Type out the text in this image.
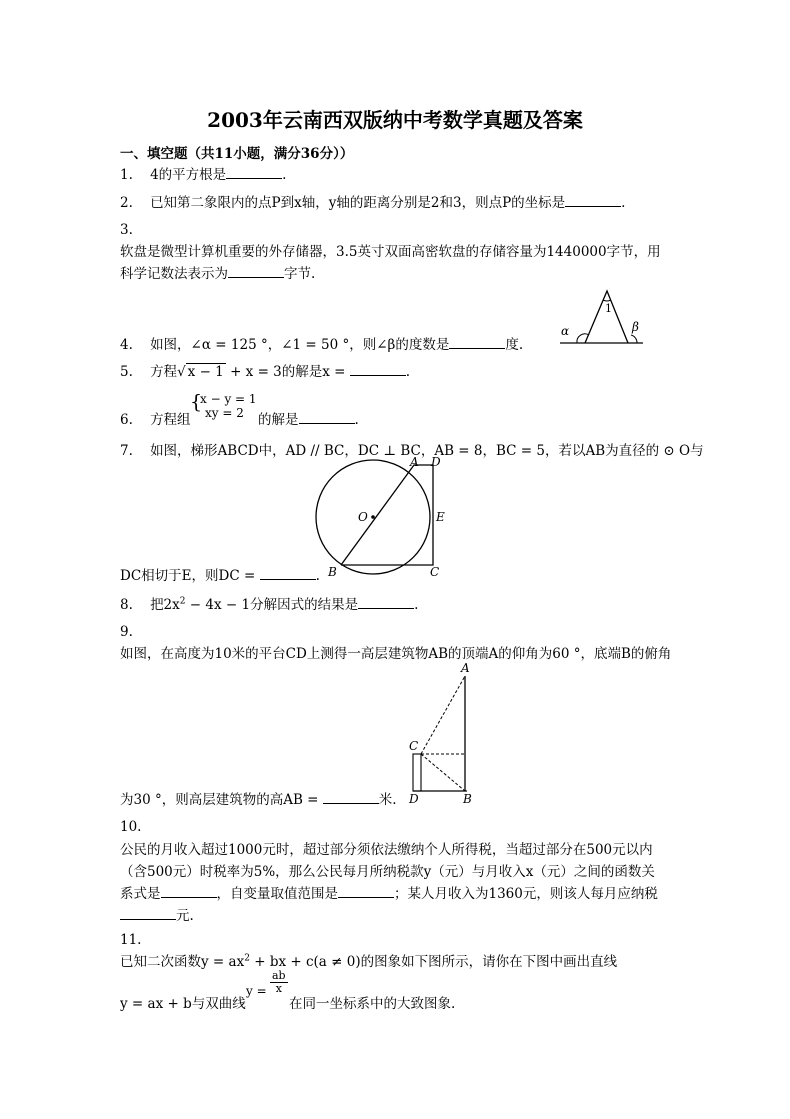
2003年云南西双版纳中考数学真题及答案
一、填空题（共11小题，满分36分））
1. 4的平方根是	.
2. 已知第二象限内的点P到x轴，y轴的距离分别是2和3，则点P的坐标是	.
3.
软盘是微型计算机重要的外存储器，3.5英寸双面高密软盘的存储容量为1440000字节，用
科学记数法表示为	字节.
4. 如图，∠α = 125 °，∠1 = 50 °，则∠β的度数是	度.
α	β
1
5. 方程√ x − 1 + x = 3的解是x =	.
6. 方程组
{
x − y = 1
xy = 2 的解是	.
7. 如图，梯形ABCD中，AD // BC，DC ⊥ BC，AB = 8，BC = 5，若以AB为直径的 ⊙ O与
A D
O	E
B	C
DC相切于E，则DC =	.
8. 把$2x^2 - 4x - 1$分解因式的结果是	.
9.
如图，在高度为10米的平台CD上测得一高层建筑物AB的顶端A的仰角为60 °，底端B的俯角
A
C
D	B
为30 °，则高层建筑物的高AB =	米.
10.
公民的月收入超过1000元时，超过部分须依法缴纳个人所得税，当超过部分在500元以内
（含500元）时税率为5%，那么公民每月所纳税款y（元）与月收入x（元）之间的函数关
系式是	，自变量取值范围是	；某人月收入为1360元，则该人每月应纳税
元.
11.
已知二次函数$y = ax^2$ + bx + c(a ≠ 0)的图象如下图所示，请你在下图中画出直线
y = ax + b与双曲线
$y = \frac{ab}{x}$
在同一坐标系中的大致图象.
